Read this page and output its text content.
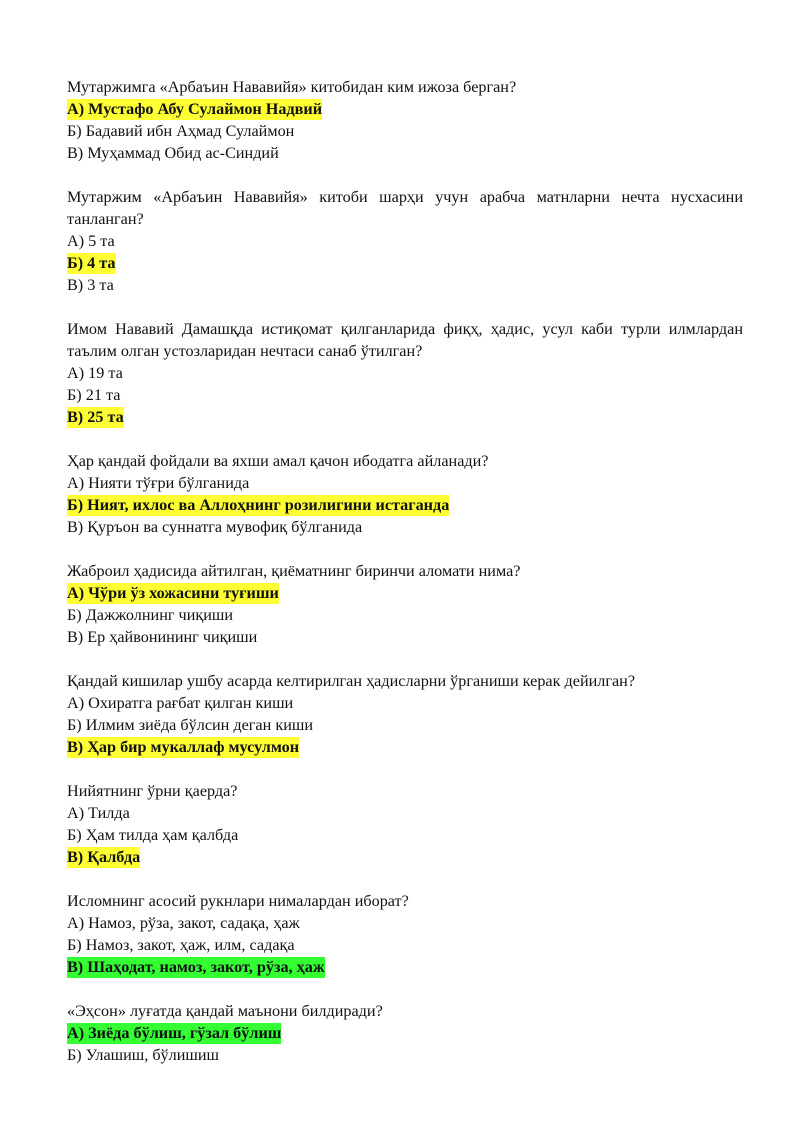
Мутаржимга «Арбаъин Нававийя» китобидан ким ижоза берган?

А) Мустафо Абу Сулаймон Надвий

Б) Бадавий ибн Аҳмад Сулаймон

В) Муҳаммад Обид ас-Синдий

Мутаржим «Арбаъин Нававийя» китоби шарҳи учун арабча матнларни нечта нусхасини танланган?

А) 5 та

Б) 4 та

В) 3 та

Имом Нававий Дамашқда истиқомат қилганларида фиқҳ, ҳадис, усул каби турли илмлардан таълим олган устозларидан нечтаси санаб ўтилган?

А) 19 та

Б) 21 та

В) 25 та

Ҳар қандай фойдали ва яхши амал қачон ибодатга айланади?

А) Нияти тўғри бўлганида

Б) Ният, ихлос ва Аллоҳнинг розилигини истаганда

В) Қуръон ва суннатга мувофиқ бўлганида

Жаброил ҳадисида айтилган, қиёматнинг биринчи аломати нима?

А) Чўри ўз хожасини туғиши

Б) Дажжолнинг чиқиши

В) Ер ҳайвонининг чиқиши

Қандай кишилар ушбу асарда келтирилган ҳадисларни ўрганиши керак дейилган?

А) Охиратга рағбат қилган киши

Б) Илмим зиёда бўлсин деган киши

В) Ҳар бир мукаллаф мусулмон

Нийятнинг ўрни қаерда?

А) Тилда

Б) Ҳам тилда ҳам қалбда

В) Қалбда

Исломнинг асосий рукнлари нималардан иборат?

А) Намоз, рўза, закот, садақа, ҳаж

Б) Намоз, закот, ҳаж, илм, садақа

В) Шаҳодат, намоз, закот, рўза, ҳаж

«Эҳсон» луғатда қандай маънони билдиради?

А) Зиёда бўлиш, гўзал бўлиш

Б) Улашиш, бўлишиш
